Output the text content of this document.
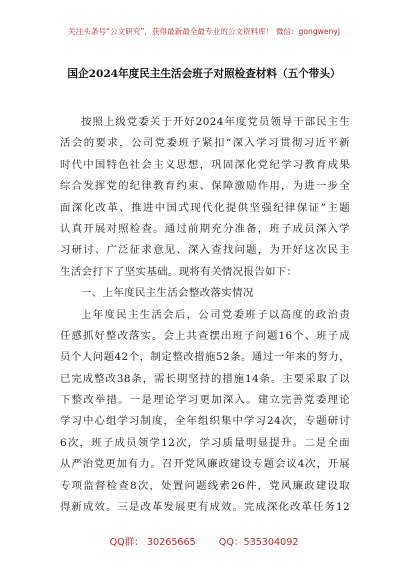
关注头条号“公文研究”，获得最新最全最专业的公文资料库！ 微信：gongwenyj
国企2024年度民主生活会班子对照检查材料（五个带头）
按照上级党委关于开好2024年度党员领导干部民主生
活会的要求，公司党委班子紧扣“深入学习贯彻习近平新
时代中国特色社会主义思想，巩固深化党纪学习教育成果
综合发挥党的纪律教育约束、保障激励作用，为进一步全
面深化改革、推进中国式现代化提供坚强纪律保证”主题
认真开展对照检查。通过前期充分准备，班子成员深入学
习研讨、广泛征求意见、深入查找问题，为开好这次民主
生活会打下了坚实基础。现将有关情况报告如下：
一、上年度民主生活会整改落实情况
上年度民主生活会后，公司党委班子以高度的政治责
任感抓好整改落实。会上共查摆出班子问题16个、班子成
员个人问题42个，制定整改措施52条。通过一年来的努力，
已完成整改38条，需长期坚持的措施14条。主要采取了以
下整改举措。一是理论学习更加深入。建立完善党委理论
学习中心组学习制度，全年组织集中学习24次，专题研讨
6次，班子成员领学12次，学习质量明显提升。二是全面
从严治党更加有力。召开党风廉政建设专题会议4次，开展
专项监督检查8次，处置问题线索26件，党风廉政建设取
得新成效。三是改革发展更有成效。完成深化改革任务12
QQ群： 30265665 QQ：535304092
